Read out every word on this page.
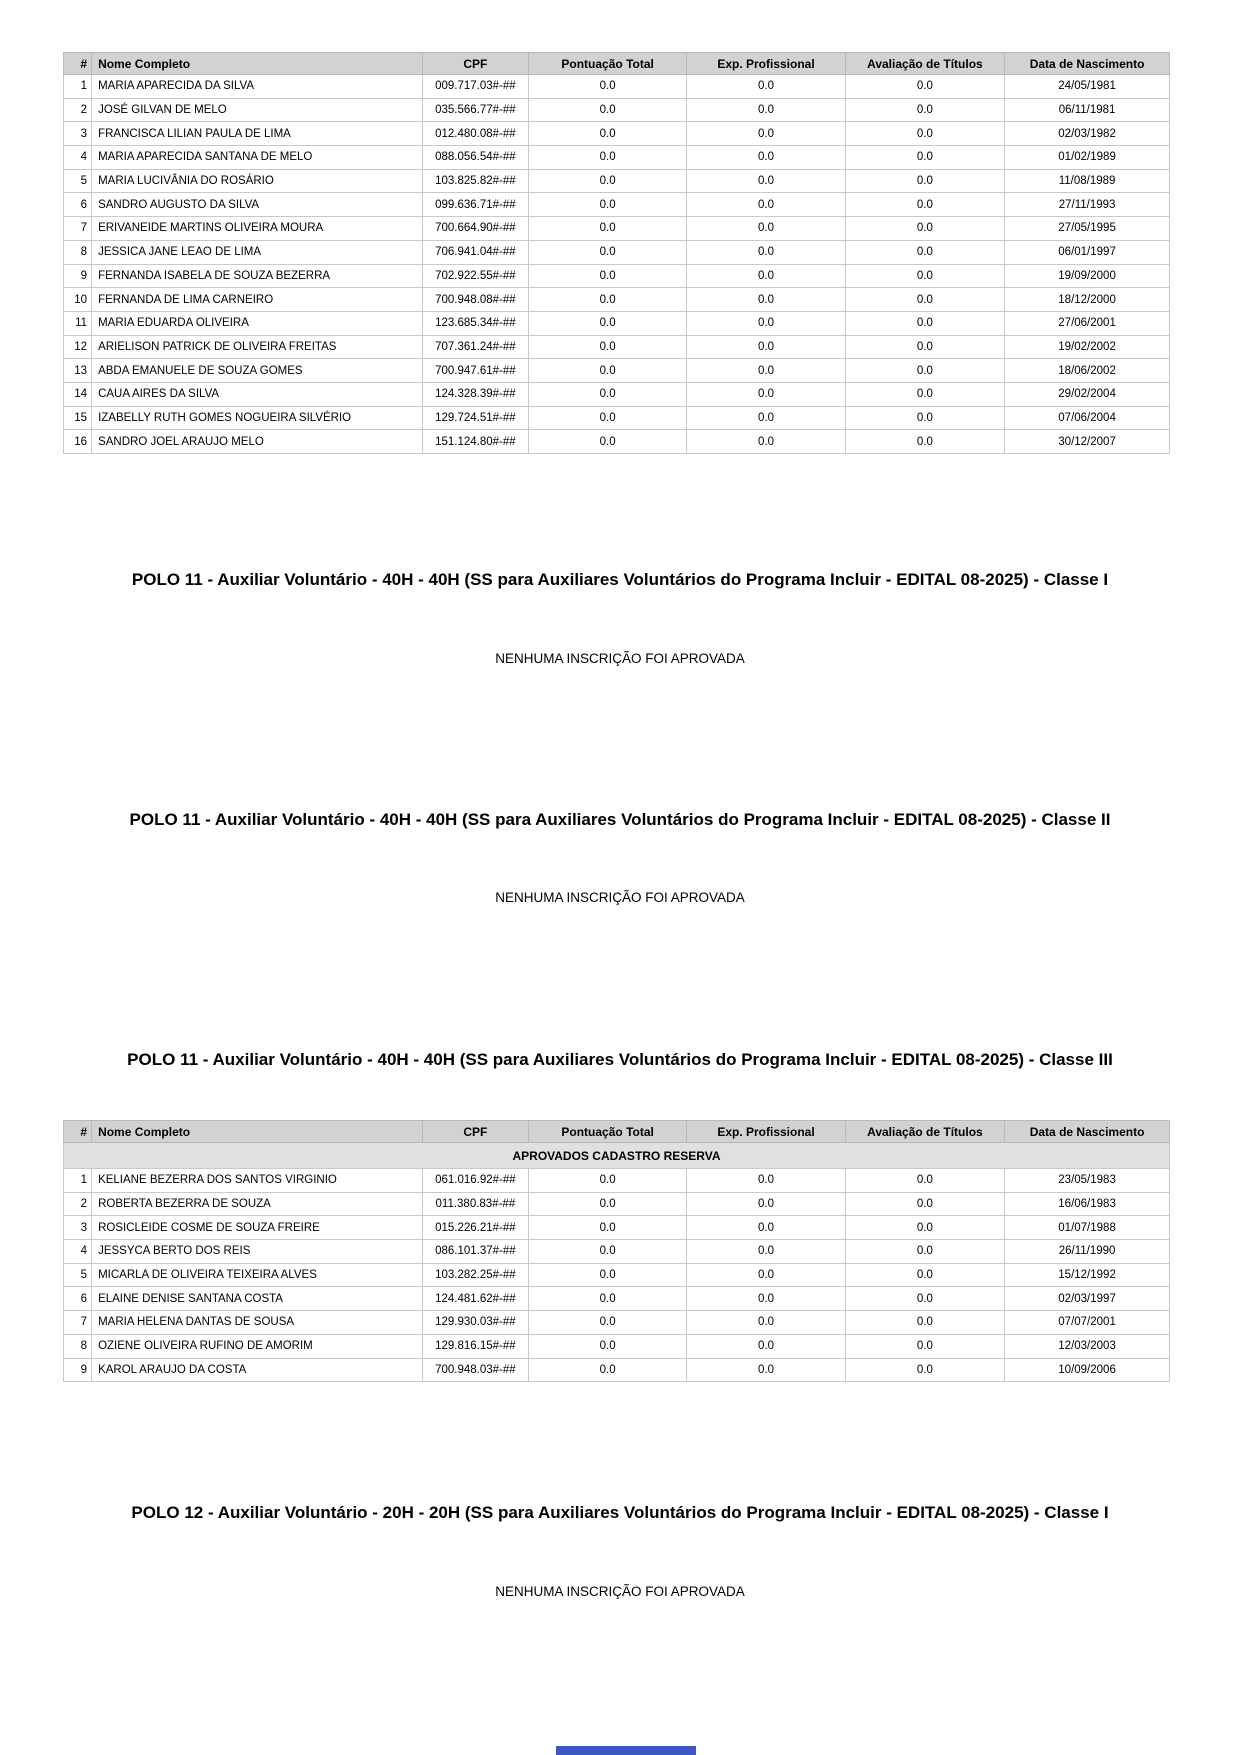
#	Nome Completo	CPF	Pontuação Total	Exp. Profissional	Avaliação de Títulos	Data de Nascimento
1	MARIA APARECIDA DA SILVA	009.717.03#-##	0.0	0.0	0.0	24/05/1981
2	JOSÉ GILVAN DE MELO	035.566.77#-##	0.0	0.0	0.0	06/11/1981
3	FRANCISCA LILIAN PAULA DE LIMA	012.480.08#-##	0.0	0.0	0.0	02/03/1982
4	MARIA APARECIDA SANTANA DE MELO	088.056.54#-##	0.0	0.0	0.0	01/02/1989
5	MARIA LUCIVÂNIA DO ROSÁRIO	103.825.82#-##	0.0	0.0	0.0	11/08/1989
6	SANDRO AUGUSTO DA SILVA	099.636.71#-##	0.0	0.0	0.0	27/11/1993
7	ERIVANEIDE MARTINS OLIVEIRA MOURA	700.664.90#-##	0.0	0.0	0.0	27/05/1995
8	JESSICA JANE LEAO DE LIMA	706.941.04#-##	0.0	0.0	0.0	06/01/1997
9	FERNANDA ISABELA DE SOUZA BEZERRA	702.922.55#-##	0.0	0.0	0.0	19/09/2000
10	FERNANDA DE LIMA CARNEIRO	700.948.08#-##	0.0	0.0	0.0	18/12/2000
11	MARIA EDUARDA OLIVEIRA	123.685.34#-##	0.0	0.0	0.0	27/06/2001
12	ARIELISON PATRICK DE OLIVEIRA FREITAS	707.361.24#-##	0.0	0.0	0.0	19/02/2002
13	ABDA EMANUELE DE SOUZA GOMES	700.947.61#-##	0.0	0.0	0.0	18/06/2002
14	CAUA AIRES DA SILVA	124.328.39#-##	0.0	0.0	0.0	29/02/2004
15	IZABELLY RUTH GOMES NOGUEIRA SILVÉRIO	129.724.51#-##	0.0	0.0	0.0	07/06/2004
16	SANDRO JOEL ARAUJO MELO	151.124.80#-##	0.0	0.0	0.0	30/12/2007
POLO 11 - Auxiliar Voluntário - 40H - 40H (SS para Auxiliares Voluntários do Programa Incluir - EDITAL 08-2025) - Classe I
NENHUMA INSCRIÇÃO FOI APROVADA
POLO 11 - Auxiliar Voluntário - 40H - 40H (SS para Auxiliares Voluntários do Programa Incluir - EDITAL 08-2025) - Classe II
NENHUMA INSCRIÇÃO FOI APROVADA
POLO 11 - Auxiliar Voluntário - 40H - 40H (SS para Auxiliares Voluntários do Programa Incluir - EDITAL 08-2025) - Classe III
#	Nome Completo	CPF	Pontuação Total	Exp. Profissional	Avaliação de Títulos	Data de Nascimento
APROVADOS CADASTRO RESERVA						
1	KELIANE BEZERRA DOS SANTOS VIRGINIO	061.016.92#-##	0.0	0.0	0.0	23/05/1983
2	ROBERTA BEZERRA DE SOUZA	011.380.83#-##	0.0	0.0	0.0	16/06/1983
3	ROSICLEIDE COSME DE SOUZA FREIRE	015.226.21#-##	0.0	0.0	0.0	01/07/1988
4	JESSYCA BERTO DOS REIS	086.101.37#-##	0.0	0.0	0.0	26/11/1990
5	MICARLA DE OLIVEIRA TEIXEIRA ALVES	103.282.25#-##	0.0	0.0	0.0	15/12/1992
6	ELAINE DENISE SANTANA COSTA	124.481.62#-##	0.0	0.0	0.0	02/03/1997
7	MARIA HELENA DANTAS DE SOUSA	129.930.03#-##	0.0	0.0	0.0	07/07/2001
8	OZIENE OLIVEIRA RUFINO DE AMORIM	129.816.15#-##	0.0	0.0	0.0	12/03/2003
9	KAROL ARAUJO DA COSTA	700.948.03#-##	0.0	0.0	0.0	10/09/2006
POLO 12 - Auxiliar Voluntário - 20H - 20H (SS para Auxiliares Voluntários do Programa Incluir - EDITAL 08-2025) - Classe I
NENHUMA INSCRIÇÃO FOI APROVADA
